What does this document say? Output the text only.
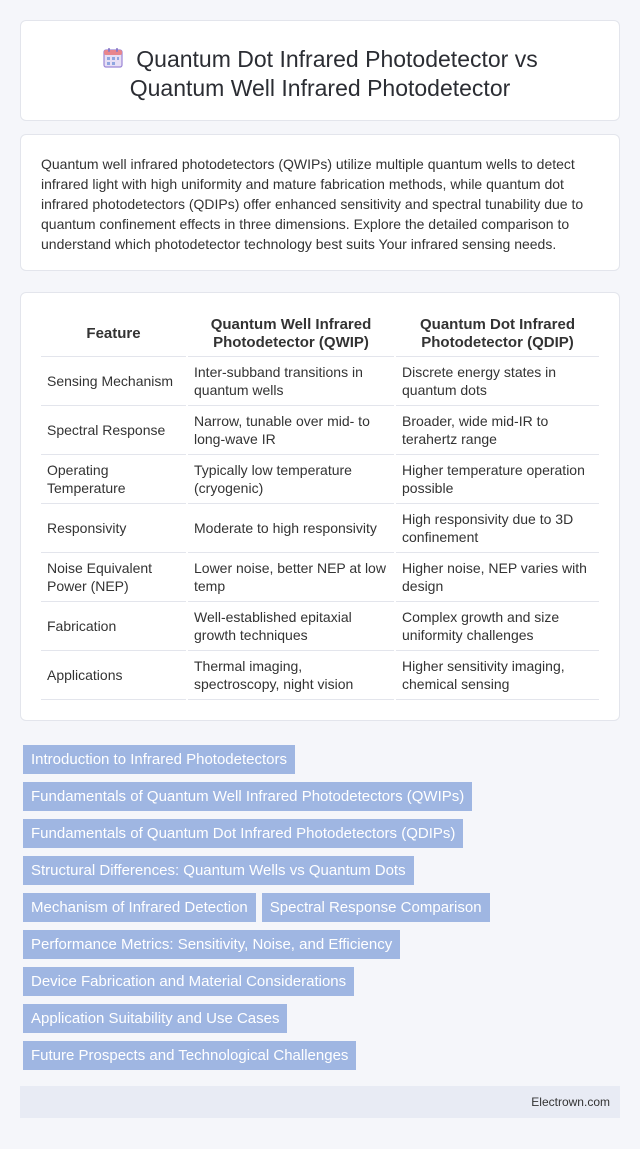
Quantum Dot Infrared Photodetector vs
Quantum Well Infrared Photodetector

Quantum well infrared photodetectors (QWIPs) utilize multiple quantum wells to detect infrared light with high uniformity and mature fabrication methods, while quantum dot infrared photodetectors (QDIPs) offer enhanced sensitivity and spectral tunability due to quantum confinement effects in three dimensions. Explore the detailed comparison to understand which photodetector technology best suits Your infrared sensing needs.

Feature	Quantum Well Infrared Photodetector (QWIP)	Quantum Dot Infrared Photodetector (QDIP)
Sensing Mechanism	Inter-subband transitions in quantum wells	Discrete energy states in quantum dots
Spectral Response	Narrow, tunable over mid- to long-wave IR	Broader, wide mid-IR to terahertz range
Operating Temperature	Typically low temperature (cryogenic)	Higher temperature operation possible
Responsivity	Moderate to high responsivity	High responsivity due to 3D confinement
Noise Equivalent Power (NEP)	Lower noise, better NEP at low temp	Higher noise, NEP varies with design
Fabrication	Well-established epitaxial growth techniques	Complex growth and size uniformity challenges
Applications	Thermal imaging, spectroscopy, night vision	Higher sensitivity imaging, chemical sensing
Introduction to Infrared Photodetectors
Fundamentals of Quantum Well Infrared Photodetectors (QWIPs)
Fundamentals of Quantum Dot Infrared Photodetectors (QDIPs)
Structural Differences: Quantum Wells vs Quantum Dots
Mechanism of Infrared Detection Spectral Response Comparison
Performance Metrics: Sensitivity, Noise, and Efficiency
Device Fabrication and Material Considerations
Application Suitability and Use Cases
Future Prospects and Technological Challenges
Electrown.com
